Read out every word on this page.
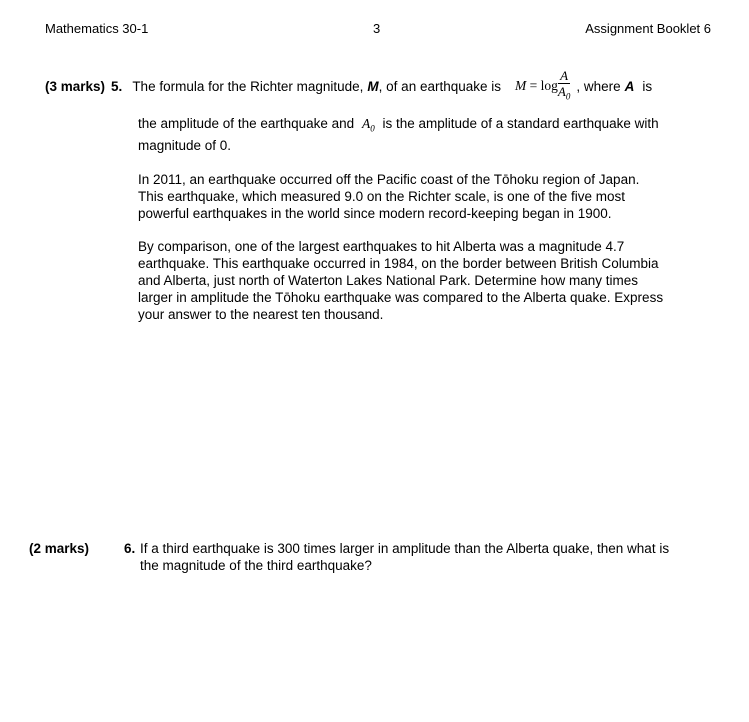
Mathematics 30-1	3	Assignment Booklet 6
(3 marks) 5. The formula for the Richter magnitude, M , of an earthquake is $M = \log \frac{A}{A_0}$ , where A is
the amplitude of the earthquake and $A_0$ is the amplitude of a standard earthquake with
magnitude of 0.
In 2011, an earthquake occurred off the Pacific coast of the Tōhoku region of Japan.
This earthquake, which measured 9.0 on the Richter scale, is one of the five most
powerful earthquakes in the world since modern record-keeping began in 1900.
By comparison, one of the largest earthquakes to hit Alberta was a magnitude 4.7
earthquake. This earthquake occurred in 1984, on the border between British Columbia
and Alberta, just north of Waterton Lakes National Park. Determine how many times
larger in amplitude the Tōhoku earthquake was compared to the Alberta quake. Express
your answer to the nearest ten thousand.
(2 marks)	6. If a third earthquake is 300 times larger in amplitude than the Alberta quake, then what is
the magnitude of the third earthquake?
